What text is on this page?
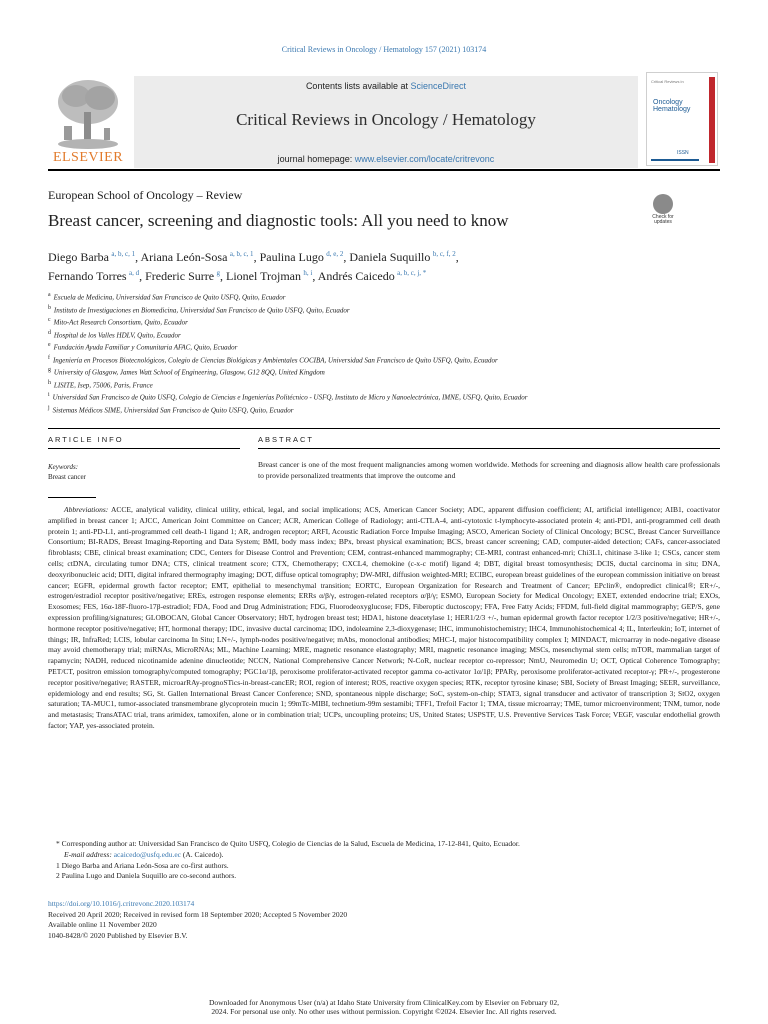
Critical Reviews in Oncology / Hematology 157 (2021) 103174
ELSEVIER
Contents lists available at ScienceDirect
Critical Reviews in Oncology / Hematology
journal homepage: www.elsevier.com/locate/critrevonc
Critical Reviews in
Oncology
Hematology
ISSN
European School of Oncology – Review
Breast cancer, screening and diagnostic tools: All you need to know	Check for updates
Diego Barba  $^{a, b, c, 1}$, Ariana León-Sosa  $^{a, b, c, 1}$, Paulina Lugo  $^{d, e, 2}$, Daniela Suquillo  $^{b, c, f, 2}$,
Fernando Torres  $^{a, d}$, Frederic Surre  $^g$, Lionel Trojman  $^{h, i}$, Andrés Caicedo  $^{a, b, c, j, *}$
$^a$ Escuela de Medicina, Universidad San Francisco de Quito USFQ, Quito, Ecuador
$^b$ Instituto de Investigaciones en Biomedicina, Universidad San Francisco de Quito USFQ, Quito, Ecuador
$^c$ Mito-Act Research Consortium, Quito, Ecuador
$^d$ Hospital de los Valles HDLV, Quito, Ecuador
$^e$ Fundación Ayuda Familiar y Comunitaria AFAC, Quito, Ecuador
$^f$ Ingeniería en Procesos Biotecnológicos, Colegio de Ciencias Biológicas y Ambientales COCIBA, Universidad San Francisco de Quito USFQ, Quito, Ecuador
$^g$ University of Glasgow, James Watt School of Engineering, Glasgow, G12 8QQ, United Kingdom
$^h$ LISITE, Isep, 75006, Paris, France
$^i$ Universidad San Francisco de Quito USFQ, Colegio de Ciencias e Ingenierías Politécnico - USFQ, Instituto de Micro y Nanoelectrónica, IMNE, USFQ, Quito, Ecuador
$^j$ Sistemas Médicos SIME, Universidad San Francisco de Quito USFQ, Quito, Ecuador
ARTICLE INFO	ABSTRACT
Keywords:
Breast cancer
Breast cancer is one of the most frequent malignancies among women worldwide. Methods for screening and diagnosis allow health care professionals to provide personalized treatments that improve the outcome and
Abbreviations: ACCE, analytical validity, clinical utility, ethical, legal, and social implications; ACS, American Cancer Society; ADC, apparent diffusion coefficient; AI, artificial intelligence; AIB1, coactivator amplified in breast cancer 1; AJCC, American Joint Committee on Cancer; ACR, American College of Radiology; anti-CTLA-4, anti-cytotoxic t-lymphocyte-associated protein 4; anti-PD1, anti-programmed cell death protein 1; anti-PD-L1, anti-programmed cell death-1 ligand 1; AR, androgen receptor; ARFI, Acoustic Radiation Force Impulse Imaging; ASCO, American Society of Clinical Oncology; BCSC, Breast Cancer Surveillance Consortium; BI-RADS, Breast Imaging-Reporting and Data System; BMI, body mass index; BPx, breast physical examination; BCS, breast cancer screening; CAD, computer-aided detection; CAFs, cancer-associated fibroblasts; CBE, clinical breast examination; CDC, Centers for Disease Control and Prevention; CEM, contrast-enhanced mammography; CE-MRI, contrast enhanced-mri; Chi3L1, chitinase 3-like 1; CSCs, cancer stem cells; ctDNA, circulating tumor DNA; CTS, clinical treatment score; CTX, Chemotherapy; CXCL4, chemokine (c-x-c motif) ligand 4; DBT, digital breast tomosynthesis; DCIS, ductal carcinoma in situ; DNA, deoxyribonucleic acid; DITI, digital infrared thermography imaging; DOT, diffuse optical tomography; DW-MRI, diffusion weighted-MRI; ECIBC, european breast guidelines of the european commission initiative on breast cancer; EGFR, epidermal growth factor receptor; EMT, epithelial to mesenchymal transition; EORTC, European Organization for Research and Treatment of Cancer; EPclin®, endopredict clinical®; ER+/-, estrogen/estradiol receptor positive/negative; EREs, estrogen response elements; ERRs α/β/γ, estrogen-related receptors α/β/γ; ESMO, European Society for Medical Oncology; EXET, extended endocrine trial; EXOs, Exosomes; FES, 16α-18F-fluoro-17β-estradiol; FDA, Food and Drug Administration; FDG, Fluorodeoxyglucose; FDS, Fiberoptic ductoscopy; FFA, Free Fatty Acids; FFDM, full-field digital mammography; GEP/S, gene expression profiling/signatures; GLOBOCAN, Global Cancer Observatory; HbT, hydrogen breast test; HDA1, histone deacetylase 1; HER1/2/3 +/-, human epidermal growth factor receptor 1/2/3 positive/negative; HR+/-, hormone receptor positive/negative; HT, hormonal therapy; IDC, invasive ductal carcinoma; IDO, indoleamine 2,3-dioxygenase; IHC, immunohistochemistry; IHC4, Immunohistochemical 4; IL, Interleukin; IoT, internet of things; IR, InfraRed; LCIS, lobular carcinoma In Situ; LN+/-, lymph-nodes positive/negative; mAbs, monoclonal antibodies; MHC-I, major histocompatibility complex I; MINDACT, microarray in node-negative disease may avoid chemotherapy trial; miRNAs, MicroRNAs; ML, Machine Learning; MRE, magnetic resonance elastography; MRI, magnetic resonance imaging; MSCs, mesenchymal stem cells; mTOR, mammalian target of rapamycin; NADH, reduced nicotinamide adenine dinucleotide; NCCN, National Comprehensive Cancer Network; N-CoR, nuclear receptor co-repressor; NmU, Neuromedin U; OCT, Optical Coherence Tomography; PET/CT, positron emission tomography/computed tomography; PGC1α/1β, peroxisome proliferator-activated receptor gamma co-activator 1α/1β; PPARγ, peroxisome proliferator-activated receptor-γ; PR+/-, progesterone receptor positive/negative; RASTER, microarRAy-prognoSTics-in-breast-cancER; ROI, region of interest; ROS, reactive oxygen species; RTK, receptor tyrosine kinase; SBI, Society of Breast Imaging; SEER, surveillance, epidemiology and end results; SG, St. Gallen International Breast Cancer Conference; SND, spontaneous nipple discharge; SoC, system-on-chip; STAT3, signal transducer and activator of transcription 3; StO2, oxygen saturation; TA-MUC1, tumor-associated transmembrane glycoprotein mucin 1; 99mTc-MIBI, technetium-99m sestamibi; TFF1, Trefoil Factor 1; TMA, tissue microarray; TME, tumor microenvironment; TNM, tumor, node and metastasis; TransATAC trial, trans arimidex, tamoxifen, alone or in combination trial; UCPs, uncoupling proteins; US, United States; USPSTF, U.S. Preventive Services Task Force; VEGF, vascular endothelial growth factor; YAP, yes-associated protein.
* Corresponding author at: Universidad San Francisco de Quito USFQ, Colegio de Ciencias de la Salud, Escuela de Medicina, 17-12-841, Quito, Ecuador.
E-mail address: acaicedo@usfq.edu.ec (A. Caicedo).
1 Diego Barba and Ariana León-Sosa are co-first authors.
2 Paulina Lugo and Daniela Suquillo are co-second authors.
https://doi.org/10.1016/j.critrevonc.2020.103174
Received 20 April 2020; Received in revised form 18 September 2020; Accepted 5 November 2020
Available online 11 November 2020
1040-8428/© 2020 Published by Elsevier B.V.
Downloaded for Anonymous User (n/a) at Idaho State University from ClinicalKey.com by Elsevier on February 02,
2024. For personal use only. No other uses without permission. Copyright ©2024. Elsevier Inc. All rights reserved.
